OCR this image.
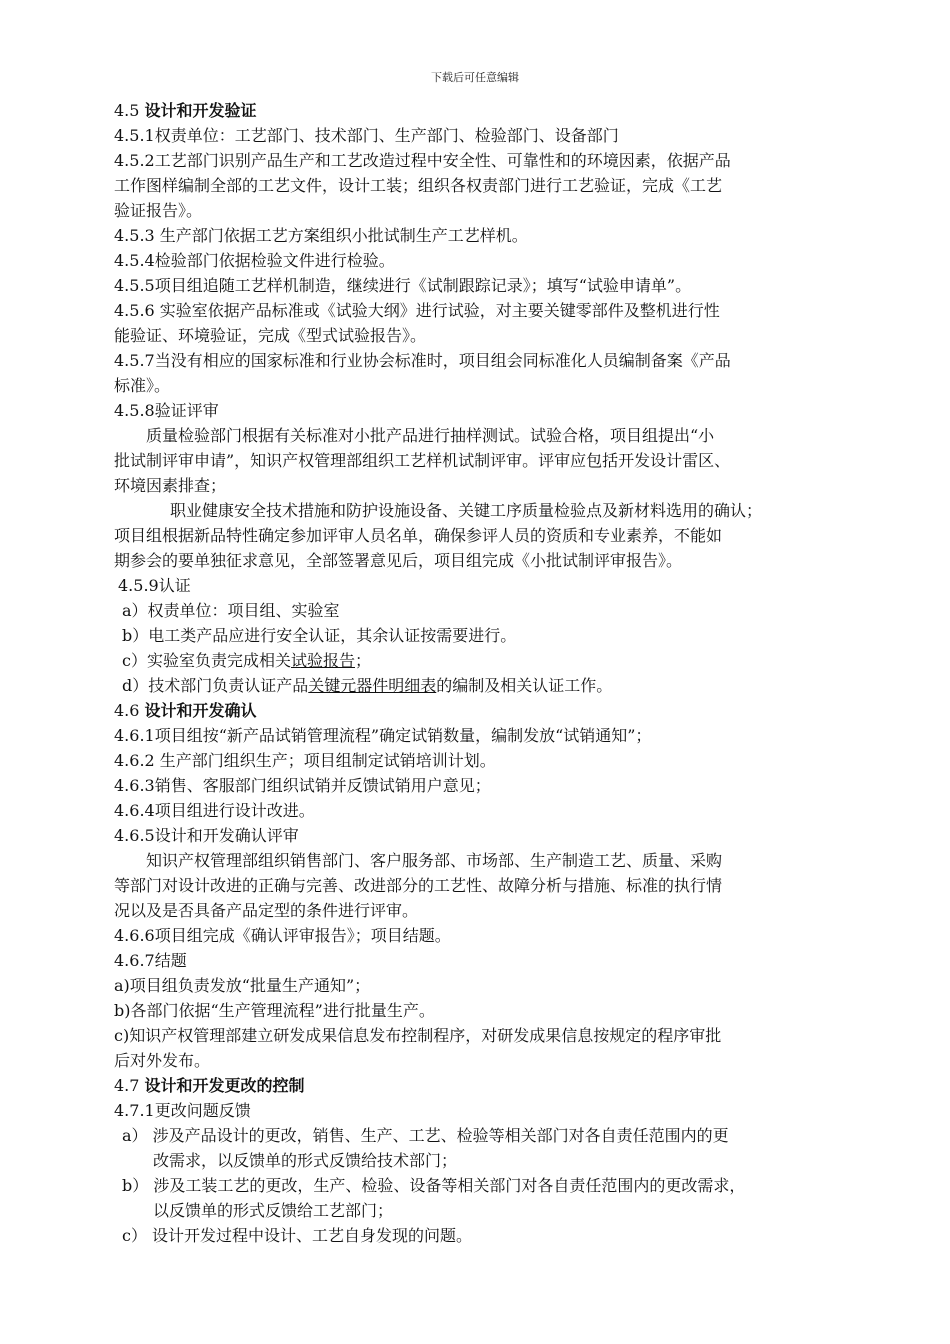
下载后可任意编辑
4.5 设计和开发验证
4.5.1权责单位：工艺部门、技术部门、生产部门、检验部门、设备部门
4.5.2工艺部门识别产品生产和工艺改造过程中安全性、可靠性和的环境因素，依据产品
工作图样编制全部的工艺文件，设计工装；组织各权责部门进行工艺验证，完成《工艺
验证报告》。
4.5.3 生产部门依据工艺方案组织小批试制生产工艺样机。
4.5.4检验部门依据检验文件进行检验。
4.5.5项目组追随工艺样机制造，继续进行《试制跟踪记录》；填写“试验申请单”。
4.5.6 实验室依据产品标准或《试验大纲》进行试验，对主要关键零部件及整机进行性
能验证、环境验证，完成《型式试验报告》。
4.5.7当没有相应的国家标准和行业协会标准时，项目组会同标准化人员编制备案《产品
标准》。
4.5.8验证评审
质量检验部门根据有关标准对小批产品进行抽样测试。试验合格，项目组提出“小
批试制评审申请”，知识产权管理部组织工艺样机试制评审。评审应包括开发设计雷区、
环境因素排查；
职业健康安全技术措施和防护设施设备、关键工序质量检验点及新材料选用的确认；
项目组根据新品特性确定参加评审人员名单，确保参评人员的资质和专业素养，不能如
期参会的要单独征求意见，全部签署意见后，项目组完成《小批试制评审报告》。
4.5.9认证
a）权责单位：项目组、实验室
b）电工类产品应进行安全认证，其余认证按需要进行。
c）实验室负责完成相关试验报告；
d）技术部门负责认证产品关键元器件明细表的编制及相关认证工作。
4.6 设计和开发确认
4.6.1项目组按“新产品试销管理流程”确定试销数量，编制发放“试销通知”；
4.6.2 生产部门组织生产；项目组制定试销培训计划。
4.6.3销售、客服部门组织试销并反馈试销用户意见；
4.6.4项目组进行设计改进。
4.6.5设计和开发确认评审
知识产权管理部组织销售部门、客户服务部、市场部、生产制造工艺、质量、采购
等部门对设计改进的正确与完善、改进部分的工艺性、故障分析与措施、标准的执行情
况以及是否具备产品定型的条件进行评审。
4.6.6项目组完成《确认评审报告》；项目结题。
4.6.7结题
a)项目组负责发放“批量生产通知”；
b)各部门依据“生产管理流程”进行批量生产。
c)知识产权管理部建立研发成果信息发布控制程序，对研发成果信息按规定的程序审批
后对外发布。
4.7 设计和开发更改的控制
4.7.1更改问题反馈
a） 涉及产品设计的更改，销售、生产、工艺、检验等相关部门对各自责任范围内的更
改需求，以反馈单的形式反馈给技术部门；
b） 涉及工装工艺的更改，生产、检验、设备等相关部门对各自责任范围内的更改需求，
以反馈单的形式反馈给工艺部门；
c） 设计开发过程中设计、工艺自身发现的问题。
